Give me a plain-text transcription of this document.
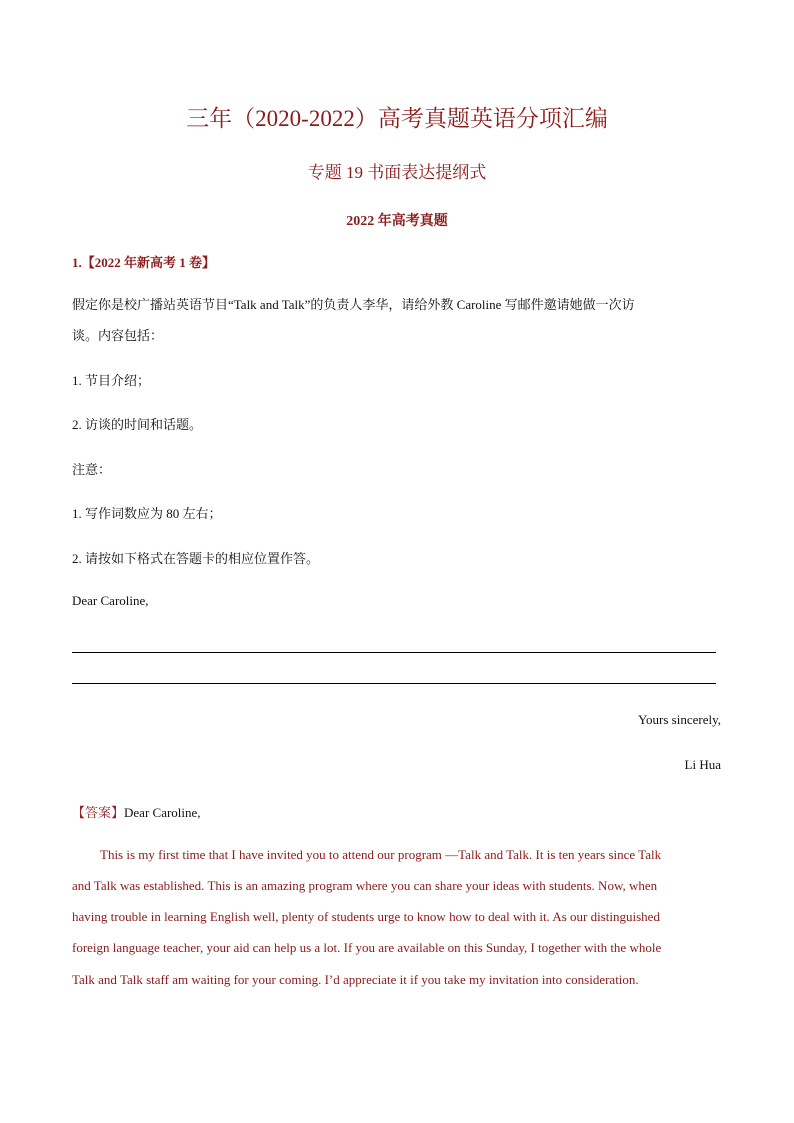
三年（2020-2022）高考真题英语分项汇编
专题 19 书面表达提纲式
2022 年高考真题
1.【2022 年新高考 1 卷】
假定你是校广播站英语节目“Talk and Talk”的负责人李华，请给外教 Caroline 写邮件邀请她做一次访
谈。内容包括：
1. 节目介绍；
2. 访谈的时间和话题。
注意：
1. 写作词数应为 80 左右；
2. 请按如下格式在答题卡的相应位置作答。
Dear Caroline,
Yours sincerely,
Li Hua
【答案】Dear Caroline,
This is my first time that I have invited you to attend our program —Talk and Talk. It is ten years since Talk
and Talk was established. This is an amazing program where you can share your ideas with students. Now, when
having trouble in learning English well, plenty of students urge to know how to deal with it. As our distinguished
foreign language teacher, your aid can help us a lot. If you are available on this Sunday, I together with the whole
Talk and Talk staff am waiting for your coming. I’d appreciate it if you take my invitation into consideration.
